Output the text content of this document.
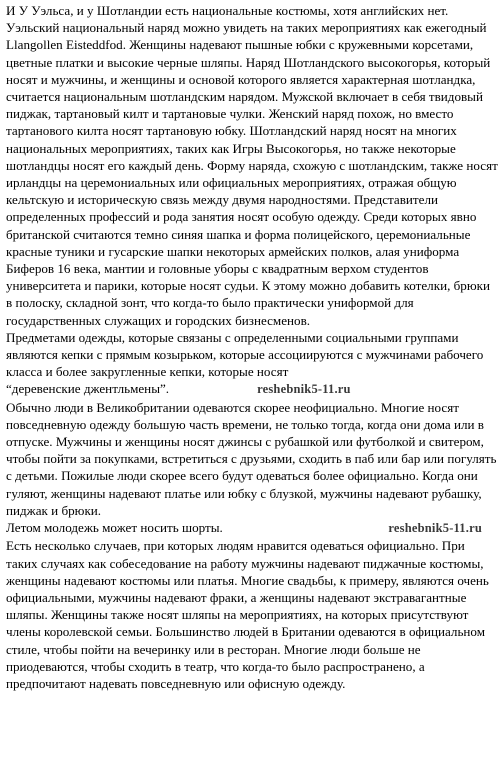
И У Уэльса, и у Шотландии есть национальные костюмы, хотя английских нет. Уэльский национальный наряд можно увидеть на таких мероприятиях как ежегодный Llangollen Eisteddfod. Женщины надевают пышные юбки с кружевными корсетами, цветные платки и высокие черные шляпы. Наряд Шотландского высокогорья, который носят и мужчины, и женщины и основой которого является характерная шотландка, считается национальным шотландским нарядом. Мужской включает в себя твидовый пиджак, тартановый килт и тартановые чулки. Женский наряд похож, но вместо тартанового килта носят тартановую юбку. Шотландский наряд носят на многих национальных мероприятиях, таких как Игры Высокогорья, но также некоторые шотландцы носят его каждый день. Форму наряда, схожую с шотландским, также носят ирландцы на церемониальных или официальных мероприятиях, отражая общую кельтскую и историческую связь между двумя народностями. Представители определенных профессий и рода занятия носят особую одежду. Среди которых явно британской считаются темно синяя шапка и форма полицейского, церемониальные красные туники и гусарские шапки некоторых армейских полков, алая униформа Биферов 16 века, мантии и головные уборы с квадратным верхом студентов университета и парики, которые носят судьи. К этому можно добавить котелки, брюки в полоску, складной зонт, что когда-то было практически униформой для государственных служащих и городских бизнесменов.

Предметами одежды, которые связаны с определенными социальными группами являются кепки с прямым козырьком, которые ассоциируются с мужчинами рабочего класса и более закругленные кепки, которые носят

“деревенские джентльмены”.	reshebnik5-11.ru

Обычно люди в Великобритании одеваются скорее неофициально. Многие носят повседневную одежду большую часть времени, не только тогда, когда они дома или в отпуске. Мужчины и женщины носят джинсы с рубашкой или футболкой и свитером, чтобы пойти за покупками, встретиться с друзьями, сходить в паб или бар или погулять с детьми. Пожилые люди скорее всего будут одеваться более официально. Когда они гуляют, женщины надевают платье или юбку с блузкой, мужчины надевают рубашку, пиджак и брюки.

Летом молодежь может носить шорты.	reshebnik5-11.ru

Есть несколько случаев, при которых людям нравится одеваться официально. При таких случаях как собеседование на работу мужчины надевают пиджачные костюмы, женщины надевают костюмы или платья. Многие свадьбы, к примеру, являются очень официальными, мужчины надевают фраки, а женщины надевают экстравагантные шляпы. Женщины также носят шляпы на мероприятиях, на которых присутствуют члены королевской семьи. Большинство людей в Британии одеваются в официальном стиле, чтобы пойти на вечеринку или в ресторан. Многие люди больше не приодеваются, чтобы сходить в театр, что когда-то было распространено, а предпочитают надевать повседневную или офисную одежду.
